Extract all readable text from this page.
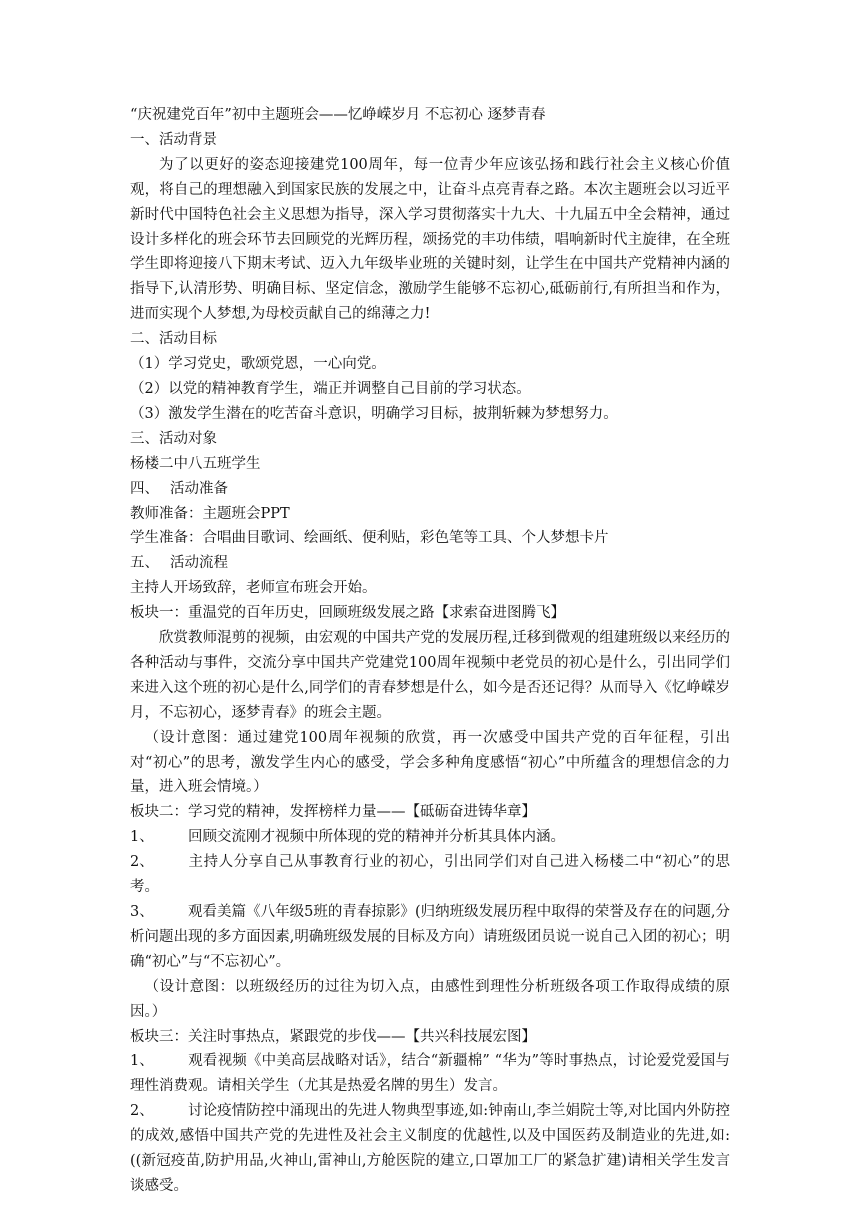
“庆祝建党百年”初中主题班会——忆峥嵘岁月 不忘初心 逐梦青春

一、活动背景

为了以更好的姿态迎接建党100周年，每一位青少年应该弘扬和践行社会主义核心价值观，将自己的理想融入到国家民族的发展之中，让奋斗点亮青春之路。本次主题班会以习近平新时代中国特色社会主义思想为指导，深入学习贯彻落实十九大、十九届五中全会精神，通过设计多样化的班会环节去回顾党的光辉历程，颂扬党的丰功伟绩，唱响新时代主旋律，在全班学生即将迎接八下期末考试、迈入九年级毕业班的关键时刻，让学生在中国共产党精神内涵的指导下,认清形势、明确目标、坚定信念，激励学生能够不忘初心,砥砺前行,有所担当和作为，进而实现个人梦想,为母校贡献自己的绵薄之力!

二、活动目标

（1）学习党史，歌颂党恩，一心向党。

（2）以党的精神教育学生，端正并调整自己目前的学习状态。

（3）激发学生潜在的吃苦奋斗意识，明确学习目标，披荆斩棘为梦想努力。

三、活动对象

杨楼二中八五班学生

四、 活动准备

教师准备：主题班会PPT

学生准备：合唱曲目歌词、绘画纸、便利贴，彩色笔等工具、个人梦想卡片

五、 活动流程

主持人开场致辞，老师宣布班会开始。

板块一：重温党的百年历史，回顾班级发展之路【求索奋进图腾飞】

欣赏教师混剪的视频，由宏观的中国共产党的发展历程,迁移到微观的组建班级以来经历的各种活动与事件，交流分享中国共产党建党100周年视频中老党员的初心是什么，引出同学们来进入这个班的初心是什么,同学们的青春梦想是什么，如今是否还记得？从而导入《忆峥嵘岁月，不忘初心，逐梦青春》的班会主题。

（设计意图：通过建党100周年视频的欣赏，再一次感受中国共产党的百年征程，引出对“初心”的思考，激发学生内心的感受，学会多种角度感悟“初心”中所蕴含的理想信念的力量，进入班会情境。）

板块二：学习党的精神，发挥榜样力量——【砥砺奋进铸华章】

1、 回顾交流刚才视频中所体现的党的精神并分析其具体内涵。

2、 主持人分享自己从事教育行业的初心，引出同学们对自己进入杨楼二中“初心”的思考。

3、 观看美篇《八年级5班的青春掠影》(归纳班级发展历程中取得的荣誉及存在的问题,分析问题出现的多方面因素,明确班级发展的目标及方向）请班级团员说一说自己入团的初心；明确“初心”与“不忘初心”。

（设计意图：以班级经历的过往为切入点，由感性到理性分析班级各项工作取得成绩的原因。）

板块三：关注时事热点，紧跟党的步伐——【共兴科技展宏图】

1、 观看视频《中美高层战略对话》，结合“新疆棉” “华为”等时事热点，讨论爱党爱国与理性消费观。请相关学生（尤其是热爱名牌的男生）发言。

2、 讨论疫情防控中涌现出的先进人物典型事迹,如:钟南山,李兰娟院士等,对比国内外防控的成效,感悟中国共产党的先进性及社会主义制度的优越性,以及中国医药及制造业的先进,如:((新冠疫苗,防护用品,火神山,雷神山,方舱医院的建立,口罩加工厂的紧急扩建)请相关学生发言谈感受。
